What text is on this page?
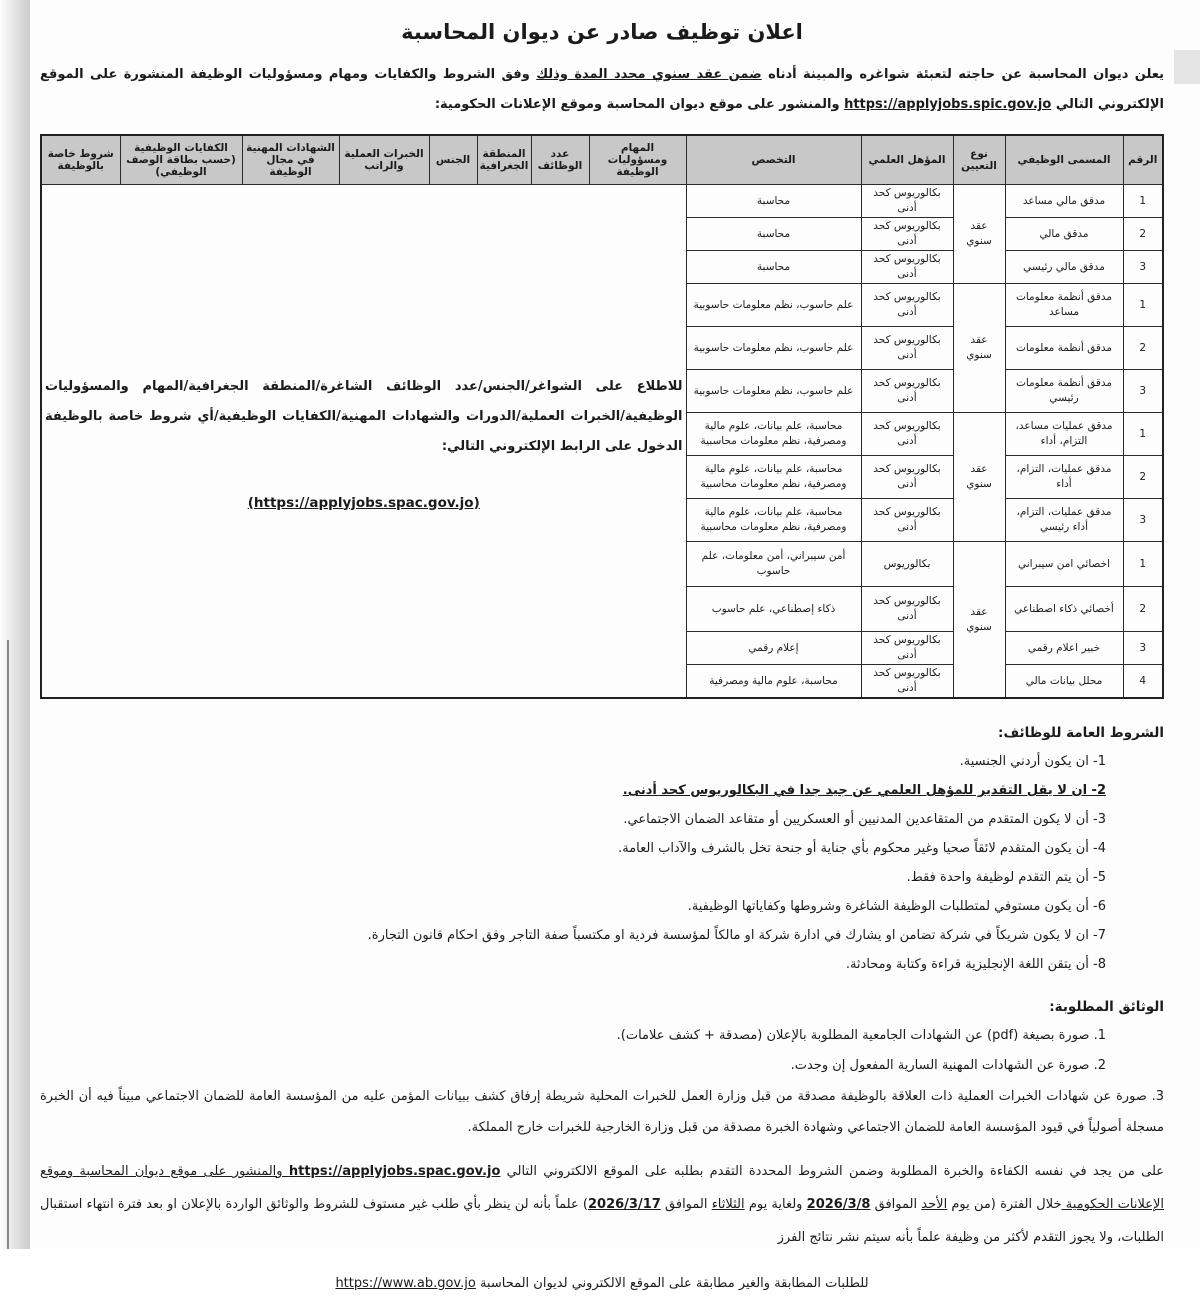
اعلان توظيف صادر عن ديوان المحاسبة

يعلن ديوان المحاسبة عن حاجته لتعبئة شواغره والمبينة أدناه ضمن عقد سنوي محدد المدة وذلك وفق الشروط والكفايات ومهام ومسؤوليات الوظيفة المنشورة على الموقع الإلكتروني التالي https://applyjobs.spic.gov.jo والمنشور على موقع ديوان المحاسبة وموقع الإعلانات الحكومية:

الرقم	المسمى الوظيفي	نوع التعيين	المؤهل العلمي	التخصص	المهام ومسؤوليات الوظيفة	عدد الوظائف	المنطقة الجغرافية	الجنس	الخبرات العملية والراتب	الشهادات المهنية في مجال الوظيفة	الكفايات الوظيفية (حسب بطاقة الوصف الوظيفي)	شروط خاصة بالوظيفة
1	مدقق مالي مساعد	عقد سنوي	بكالوريوس كحد أدنى	محاسبة	للاطلاع على الشواغر/الجنس/عدد الوظائف الشاغرة/المنطقة الجغرافية/المهام والمسؤوليات الوظيفية/الخبرات العملية/الدورات والشهادات المهنية/الكفايات الوظيفية/أي شروط خاصة بالوظيفة الدخول على الرابط الإلكتروني التالي:
(https://applyjobs.spac.gov.jo)							

2	مدقق مالي		بكالوريوس كحد أدنى	محاسبة								
3	مدقق مالي رئيسي		بكالوريوس كحد أدنى	محاسبة								
1	مدقق أنظمة معلومات مساعد	عقد سنوي	بكالوريوس كحد أدنى	علم حاسوب، نظم معلومات حاسوبية								
2	مدقق أنظمة معلومات		بكالوريوس كحد أدنى	علم حاسوب، نظم معلومات حاسوبية								
3	مدقق أنظمة معلومات رئيسي		بكالوريوس كحد أدنى	علم حاسوب، نظم معلومات حاسوبية								
1	مدقق عمليات مساعد، التزام، أداء	عقد سنوي	بكالوريوس كحد أدنى	محاسبة، علم بيانات، علوم مالية ومصرفية، نظم معلومات محاسبية								
2	مدقق عمليات، التزام، أداء		بكالوريوس كحد أدنى	محاسبة، علم بيانات، علوم مالية ومصرفية، نظم معلومات محاسبية								
3	مدقق عمليات، التزام، أداء رئيسي		بكالوريوس كحد أدنى	محاسبة، علم بيانات، علوم مالية ومصرفية، نظم معلومات محاسبية								
1	اخصائي امن سيبراني	عقد سنوي	بكالوريوس	أمن سيبراني، أمن معلومات، علم حاسوب								
2	أخصائي ذكاء اصطناعي		بكالوريوس كحد أدنى	ذكاء إصطناعي، علم حاسوب								
3	خبير اعلام رقمي		بكالوريوس كحد أدنى	إعلام رقمي								
4	محلل بيانات مالي		بكالوريوس كحد أدنى	محاسبة، علوم مالية ومصرفية								
الشروط العامة للوظائف:
1- ان يكون أردني الجنسية.
2- ان لا يقل التقدير للمؤهل العلمي عن جيد جدا في البكالوريوس كحد أدنى.
3- أن لا يكون المتقدم من المتقاعدين المدنيين أو العسكريين أو متقاعد الضمان الاجتماعي.
4- أن يكون المتقدم لائقاً صحيا وغير محكوم بأي جناية أو جنحة تخل بالشرف والآداب العامة.
5- أن يتم التقدم لوظيفة واحدة فقط.
6- أن يكون مستوفي لمتطلبات الوظيفة الشاغرة وشروطها وكفاياتها الوظيفية.
7- ان لا يكون شريكاً في شركة تضامن او يشارك في ادارة شركة او مالكاً لمؤسسة فردية او مكتسباً صفة التاجر وفق احكام قانون التجارة.
8- أن يتقن اللغة الإنجليزية قراءة وكتابة ومحادثة.
الوثائق المطلوبة:
1. صورة بصيغة (pdf) عن الشهادات الجامعية المطلوبة بالإعلان (مصدقة + كشف علامات).
2. صورة عن الشهادات المهنية السارية المفعول إن وجدت.
3. صورة عن شهادات الخبرات العملية ذات العلاقة بالوظيفة مصدقة من قبل وزارة العمل للخبرات المحلية شريطة إرفاق كشف ببيانات المؤمن عليه من المؤسسة العامة للضمان الاجتماعي مبيناً فيه أن الخبرة مسجلة أصولياً في قيود المؤسسة العامة للضمان الاجتماعي وشهادة الخبرة مصدقة من قبل وزارة الخارجية للخبرات خارج المملكة.

على من يجد في نفسه الكفاءة والخبرة المطلوبة وضمن الشروط المحددة التقدم بطلبه على الموقع الالكتروني التالي https://applyjobs.spac.gov.jo والمنشور على موقع ديوان المحاسبة وموقع الإعلانات الحكومية خلال الفترة (من يوم الأحد الموافق 2026/3/8 ولغاية يوم الثلاثاء الموافق 2026/3/17) علماً بأنه لن ينظر بأي طلب غير مستوف للشروط والوثائق الواردة بالإعلان او بعد فترة انتهاء استقبال الطلبات، ولا يجوز التقدم لأكثر من وظيفة علماً بأنه سيتم نشر نتائج الفرز

للطلبات المطابقة والغير مطابقة على الموقع الالكتروني لديوان المحاسبة https://www.ab.gov.jo
